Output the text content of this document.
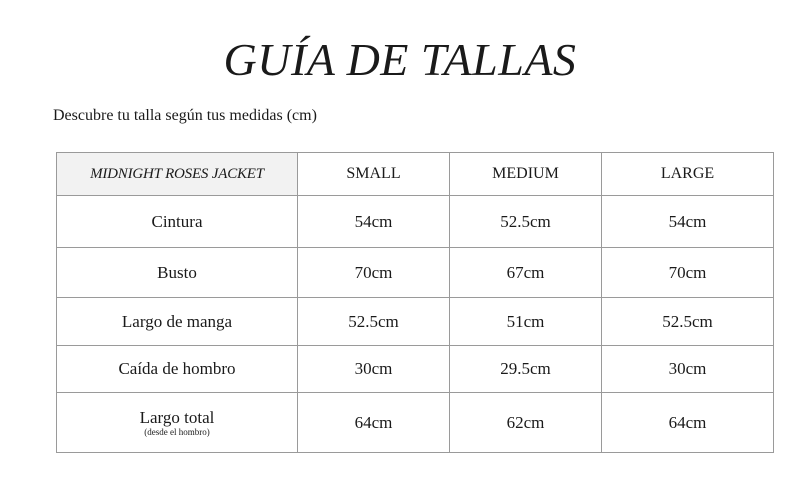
GUÍA DE TALLAS

Descubre tu talla según tus medidas (cm)

MIDNIGHT ROSES JACKET	SMALL	MEDIUM	LARGE

Cintura	54cm	52.5cm	54cm

Busto	70cm	67cm	70cm

Largo de manga	52.5cm	51cm	52.5cm

Caída de hombro	30cm	29.5cm	30cm

Largo total
(desde el hombro)	64cm	62cm	64cm
